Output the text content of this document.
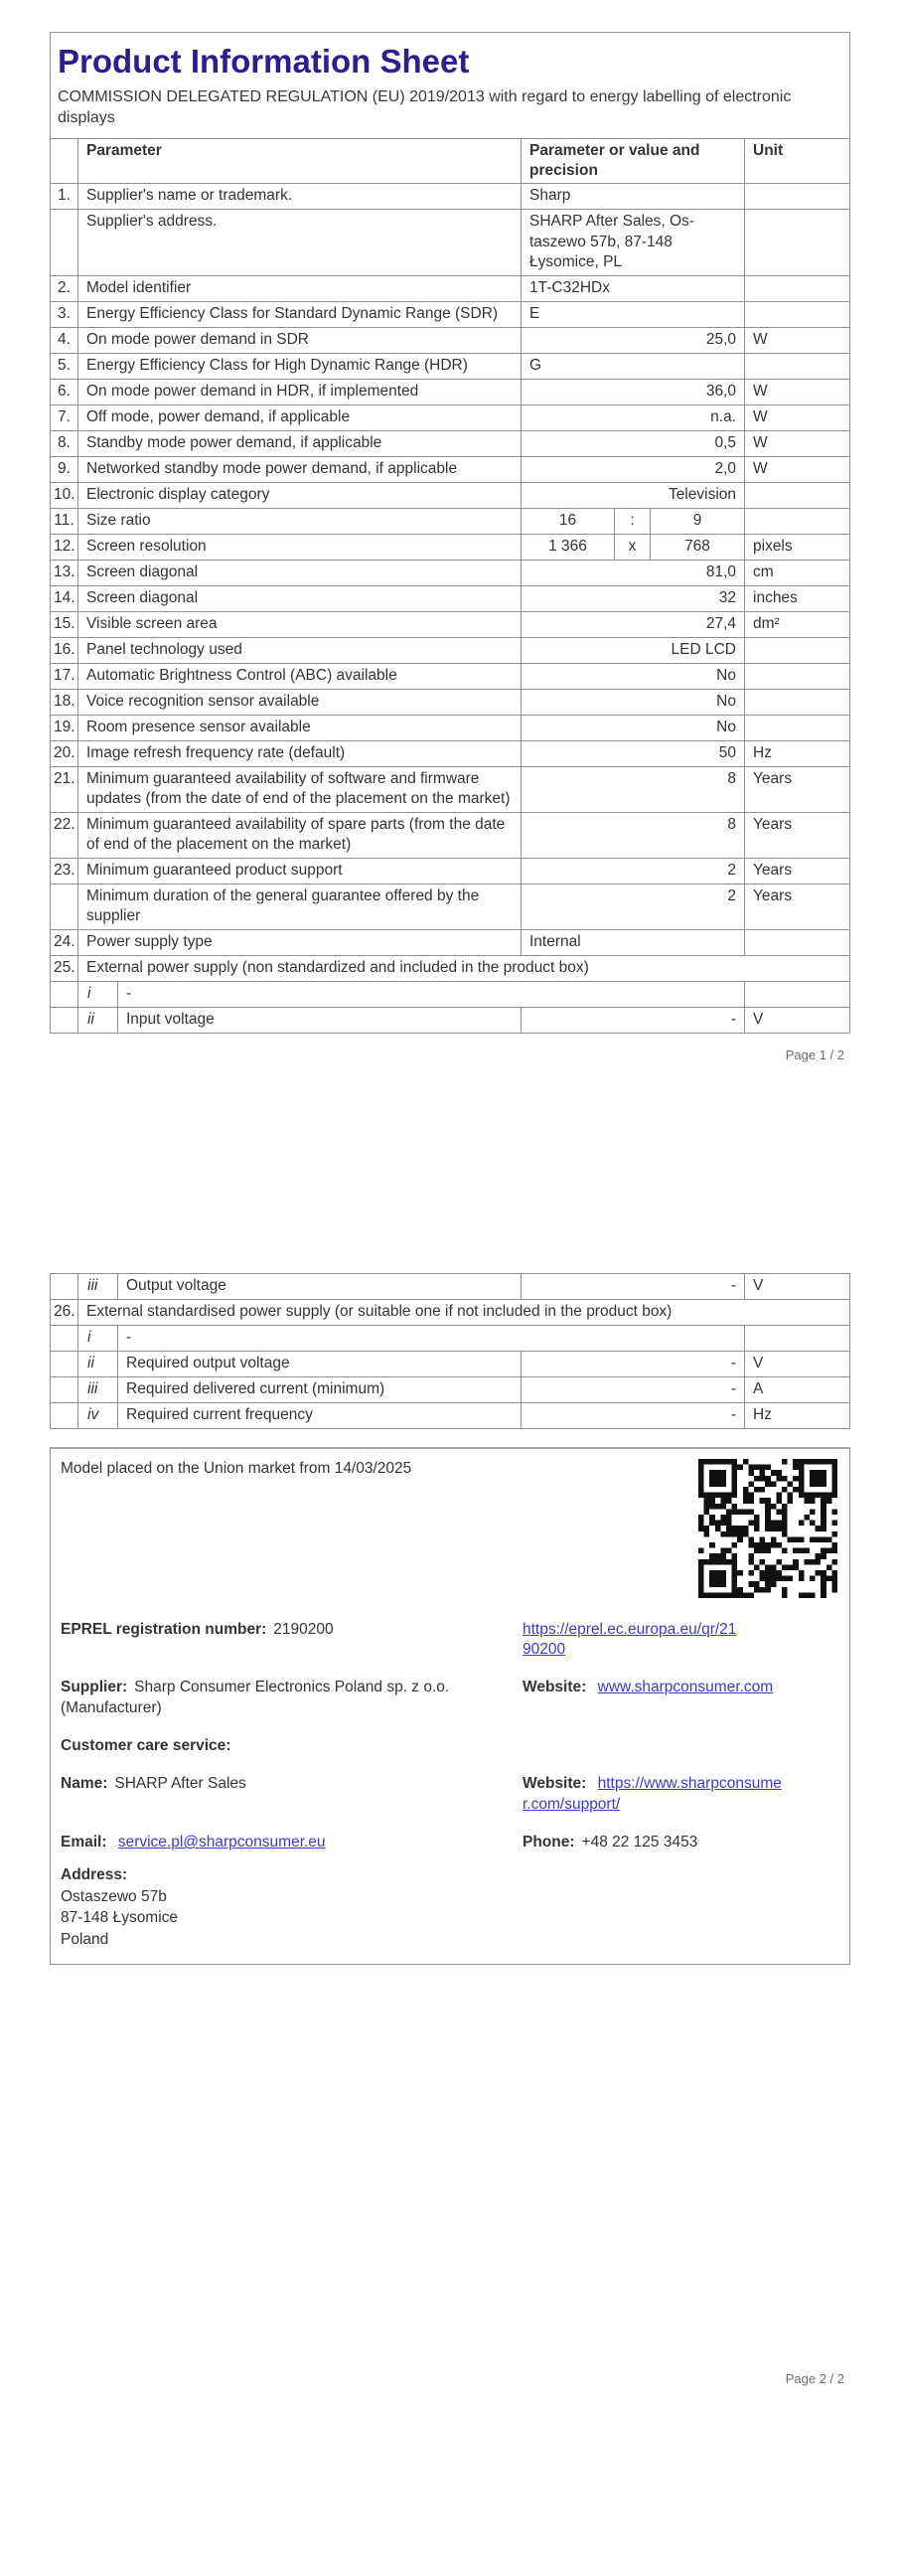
Product Information Sheet
COMMISSION DELEGATED REGULATION (EU) 2019/2013 with regard to energy labelling of electronic displays
	Parameter		Parameter or value and precision			Unit
1.	Supplier's name or trademark.		Sharp			
	Supplier's address.		SHARP After Sales, Os-taszewo 57b, 87-148 Łysomice, PL			
2.	Model identifier		1T-C32HDx			
3.	Energy Efficiency Class for Standard Dynamic Range (SDR)		E			
4.	On mode power demand in SDR		25,0			W
5.	Energy Efficiency Class for High Dynamic Range (HDR)		G			
6.	On mode power demand in HDR, if implemented		36,0			W
7.	Off mode, power demand, if applicable		n.a.			W
8.	Standby mode power demand, if applicable		0,5			W
9.	Networked standby mode power demand, if applicable		2,0			W
10.	Electronic display category		Television			
11.	Size ratio		16	:	9	
12.	Screen resolution		1 366	x	768	pixels
13.	Screen diagonal		81,0			cm
14.	Screen diagonal		32			inches
15.	Visible screen area		27,4			dm²
16.	Panel technology used		LED LCD			
17.	Automatic Brightness Control (ABC) available		No			
18.	Voice recognition sensor available		No			
19.	Room presence sensor available		No			
20.	Image refresh frequency rate (default)		50			Hz
21.	Minimum guaranteed availability of software and firmware updates (from the date of end of the placement on the market)		8			Years
22.	Minimum guaranteed availability of spare parts (from the date of end of the placement on the market)		8			Years
23.	Minimum guaranteed product support		2			Years
	Minimum duration of the general guarantee offered by the supplier		2			Years
24.	Power supply type		Internal			
25.	External power supply (non standardized and included in the product box)					
	i	-				
	ii	Input voltage	-			V
Page 1 / 2
	iii	Output voltage	-	V
26.	External standardised power supply (or suitable one if not included in the product box)			
	i	-		
	ii	Required output voltage	-	V
	iii	Required delivered current (minimum)	-	A
	iv	Required current frequency	-	Hz
Model placed on the Union market from 14/03/2025
EPREL registration number: 2190200	https://eprel.ec.europa.eu/qr/21
90200
Supplier: Sharp Consumer Electronics Poland sp. z o.o. (Manufacturer)
Website: www.sharpconsumer.com
Customer care service:
Name: SHARP After Sales	Website: https://www.sharpconsume
r.com/support/
Email: service.pl@sharpconsumer.eu	Phone: +48 22 125 3453
Address:
Ostaszewo 57b
87-148 Łysomice
Poland
Page 2 / 2
